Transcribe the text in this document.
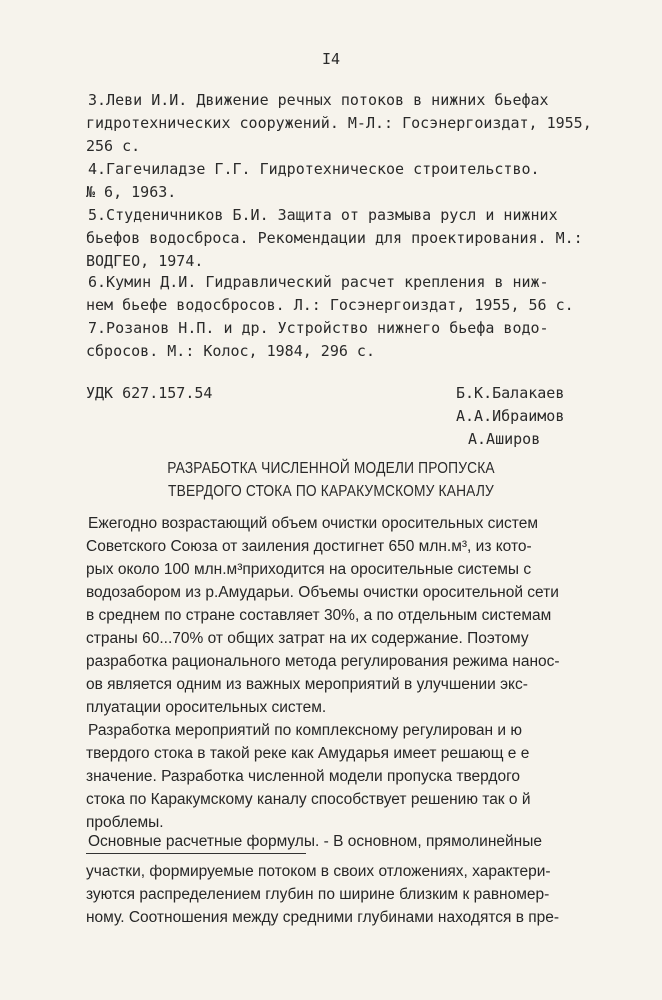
I4
3.Леви И.И. Движение речных потоков в нижних бьефах
гидротехнических сооружений. М-Л.: Госэнергоиздат, 1955,
256 с.
4.Гагечиладзе Г.Г. Гидротехническое строительство.
№ 6, 1963.
5.Студеничников Б.И. Защита от размыва русл и нижних
бьефов водосброса. Рекомендации для проектирования. М.:
ВОДГЕО, 1974.
6.Кумин Д.И. Гидравлический расчет крепления в ниж-
нем бьефе водосбросов. Л.: Госэнергоиздат, 1955, 56 с.
7.Розанов Н.П. и др. Устройство нижнего бьефа водо-
сбросов. М.: Колос, 1984, 296 с.
УДК 627.157.54	Б.К.Балакаев
А.А.Ибраимов
А.Аширов
РАЗРАБОТКА ЧИСЛЕННОЙ МОДЕЛИ ПРОПУСКА
ТВЕРДОГО СТОКА ПО КАРАКУМСКОМУ КАНАЛУ
Ежегодно возрастающий объем очистки оросительных систем
Советского Союза от заиления достигнет 650 млн.м³, из кото-
рых около 100 млн.м³приходится на оросительные системы с
водозабором из р.Амударьи. Объемы очистки оросительной сети
в среднем по стране составляет 30%, а по отдельным системам
страны 60...70% от общих затрат на их содержание. Поэтому
разработка рационального метода регулирования режима нанос-
ов является одним из важных мероприятий в улучшении экс-
плуатации оросительных систем.
Разработка мероприятий по комплексному регулирован и ю
твердого стока в такой реке как Амударья имеет решающ е е
значение. Разработка численной модели пропуска твердого
стока по Каракумскому каналу способствует решению так о й
проблемы.
Основные расчетные формулы. - В основном, прямолинейные
участки, формируемые потоком в своих отложениях, характери-
зуются распределением глубин по ширине близким к равномер-
ному. Соотношения между средними глубинами находятся в пре-
